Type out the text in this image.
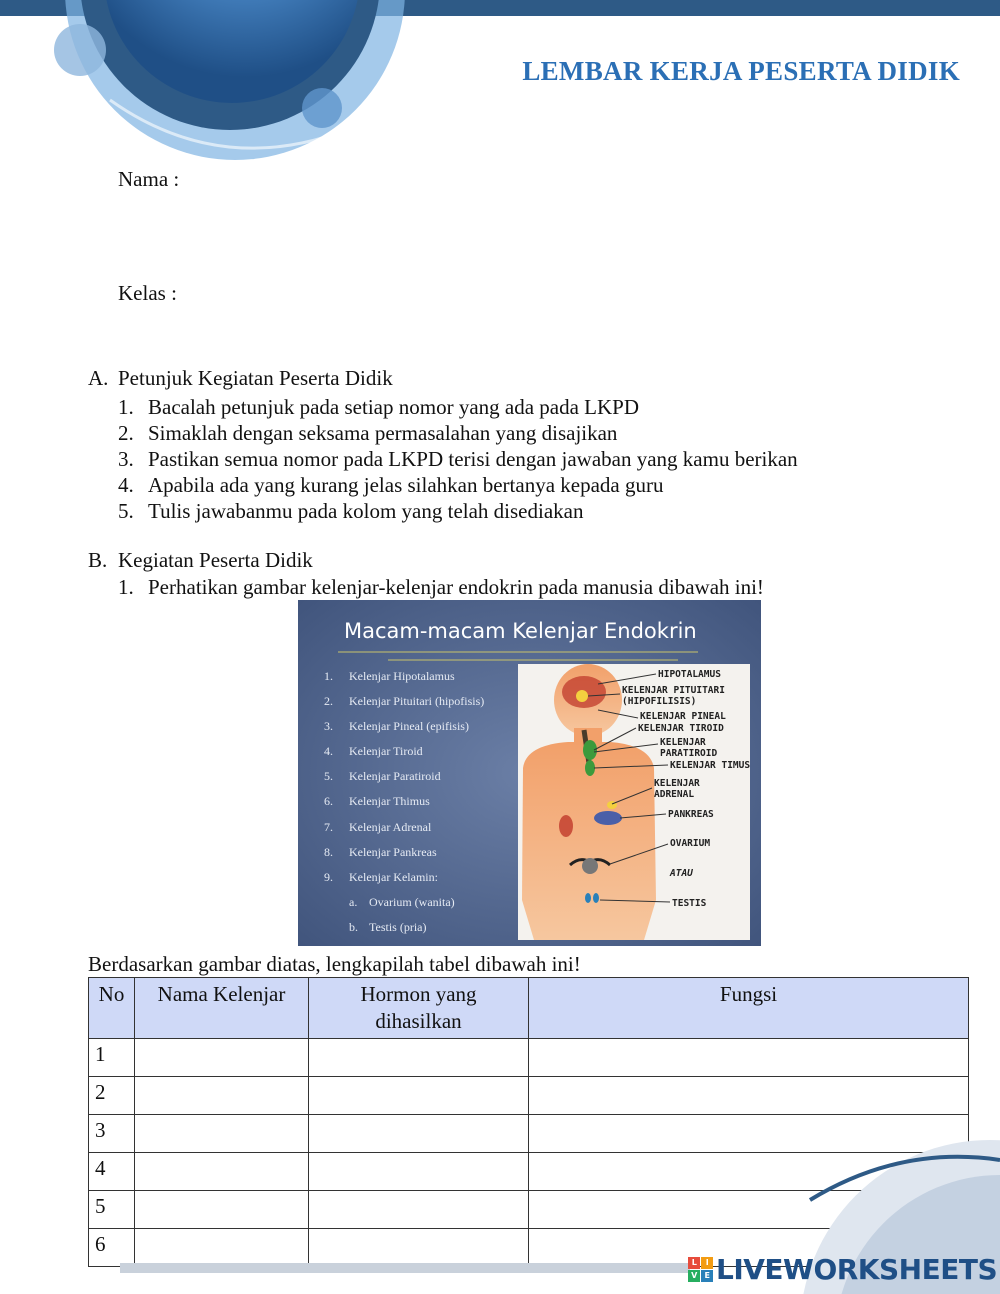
LEMBAR KERJA PESERTA DIDIK
Nama :
Kelas :
A. Petunjuk Kegiatan Peserta Didik
1. Bacalah petunjuk pada setiap nomor yang ada pada LKPD
2. Simaklah dengan seksama permasalahan yang disajikan
3. Pastikan semua nomor pada LKPD terisi dengan jawaban yang kamu berikan
4. Apabila ada yang kurang jelas silahkan bertanya kepada guru
5. Tulis jawabanmu pada kolom yang telah disediakan
B. Kegiatan Peserta Didik
1. Perhatikan gambar kelenjar-kelenjar endokrin pada manusia dibawah ini!
Macam-macam Kelenjar Endokrin
1. Kelenjar Hipotalamus
2. Kelenjar Pituitari (hipofisis)
3. Kelenjar Pineal (epifisis)
4. Kelenjar Tiroid
5. Kelenjar Paratiroid
6. Kelenjar Thimus
7. Kelenjar Adrenal
8. Kelenjar Pankreas
9. Kelenjar Kelamin:
a. Ovarium (wanita)
b. Testis (pria)
HIPOTALAMUS
KELENJAR PITUITARI
(HIPOFILISIS)
KELENJAR PINEAL
KELENJAR TIROID
KELENJAR
PARATIROID
KELENJAR TIMUS
KELENJAR
ADRENAL
PANKREAS
OVARIUM
ATAU
TESTIS
Berdasarkan gambar diatas, lengkapilah tabel dibawah ini!
No	Nama Kelenjar	Hormon yang dihasilkan	Fungsi
1			
2			
3			
4			
5			
6			
L	I
V E LIVEWORKSHEETS
